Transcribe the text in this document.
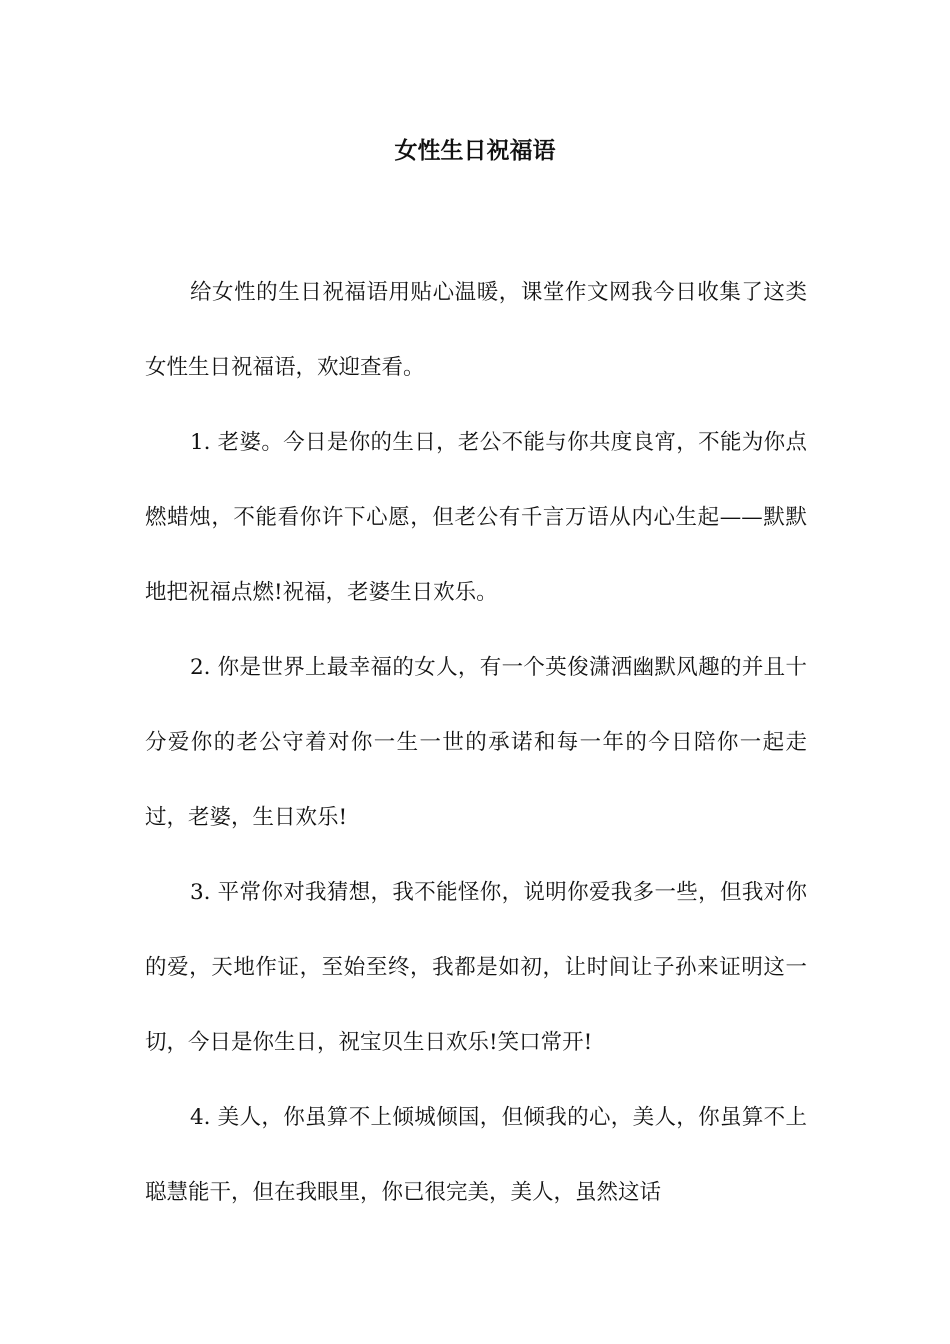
女性生日祝福语

给女性的生日祝福语用贴心温暖，课堂作文网我今日收集了这类女性生日祝福语，欢迎查看。

1. 老婆。今日是你的生日，老公不能与你共度良宵，不能为你点燃蜡烛，不能看你许下心愿，但老公有千言万语从内心生起——默默地把祝福点燃!祝福，老婆生日欢乐。

2. 你是世界上最幸福的女人，有一个英俊潇洒幽默风趣的并且十分爱你的老公守着对你一生一世的承诺和每一年的今日陪你一起走过，老婆，生日欢乐!

3. 平常你对我猜想，我不能怪你，说明你爱我多一些，但我对你的爱，天地作证，至始至终，我都是如初，让时间让子孙来证明这一切，今日是你生日，祝宝贝生日欢乐!笑口常开!

4. 美人，你虽算不上倾城倾国，但倾我的心，美人，你虽算不上聪慧能干，但在我眼里，你已很完美，美人，虽然这话
